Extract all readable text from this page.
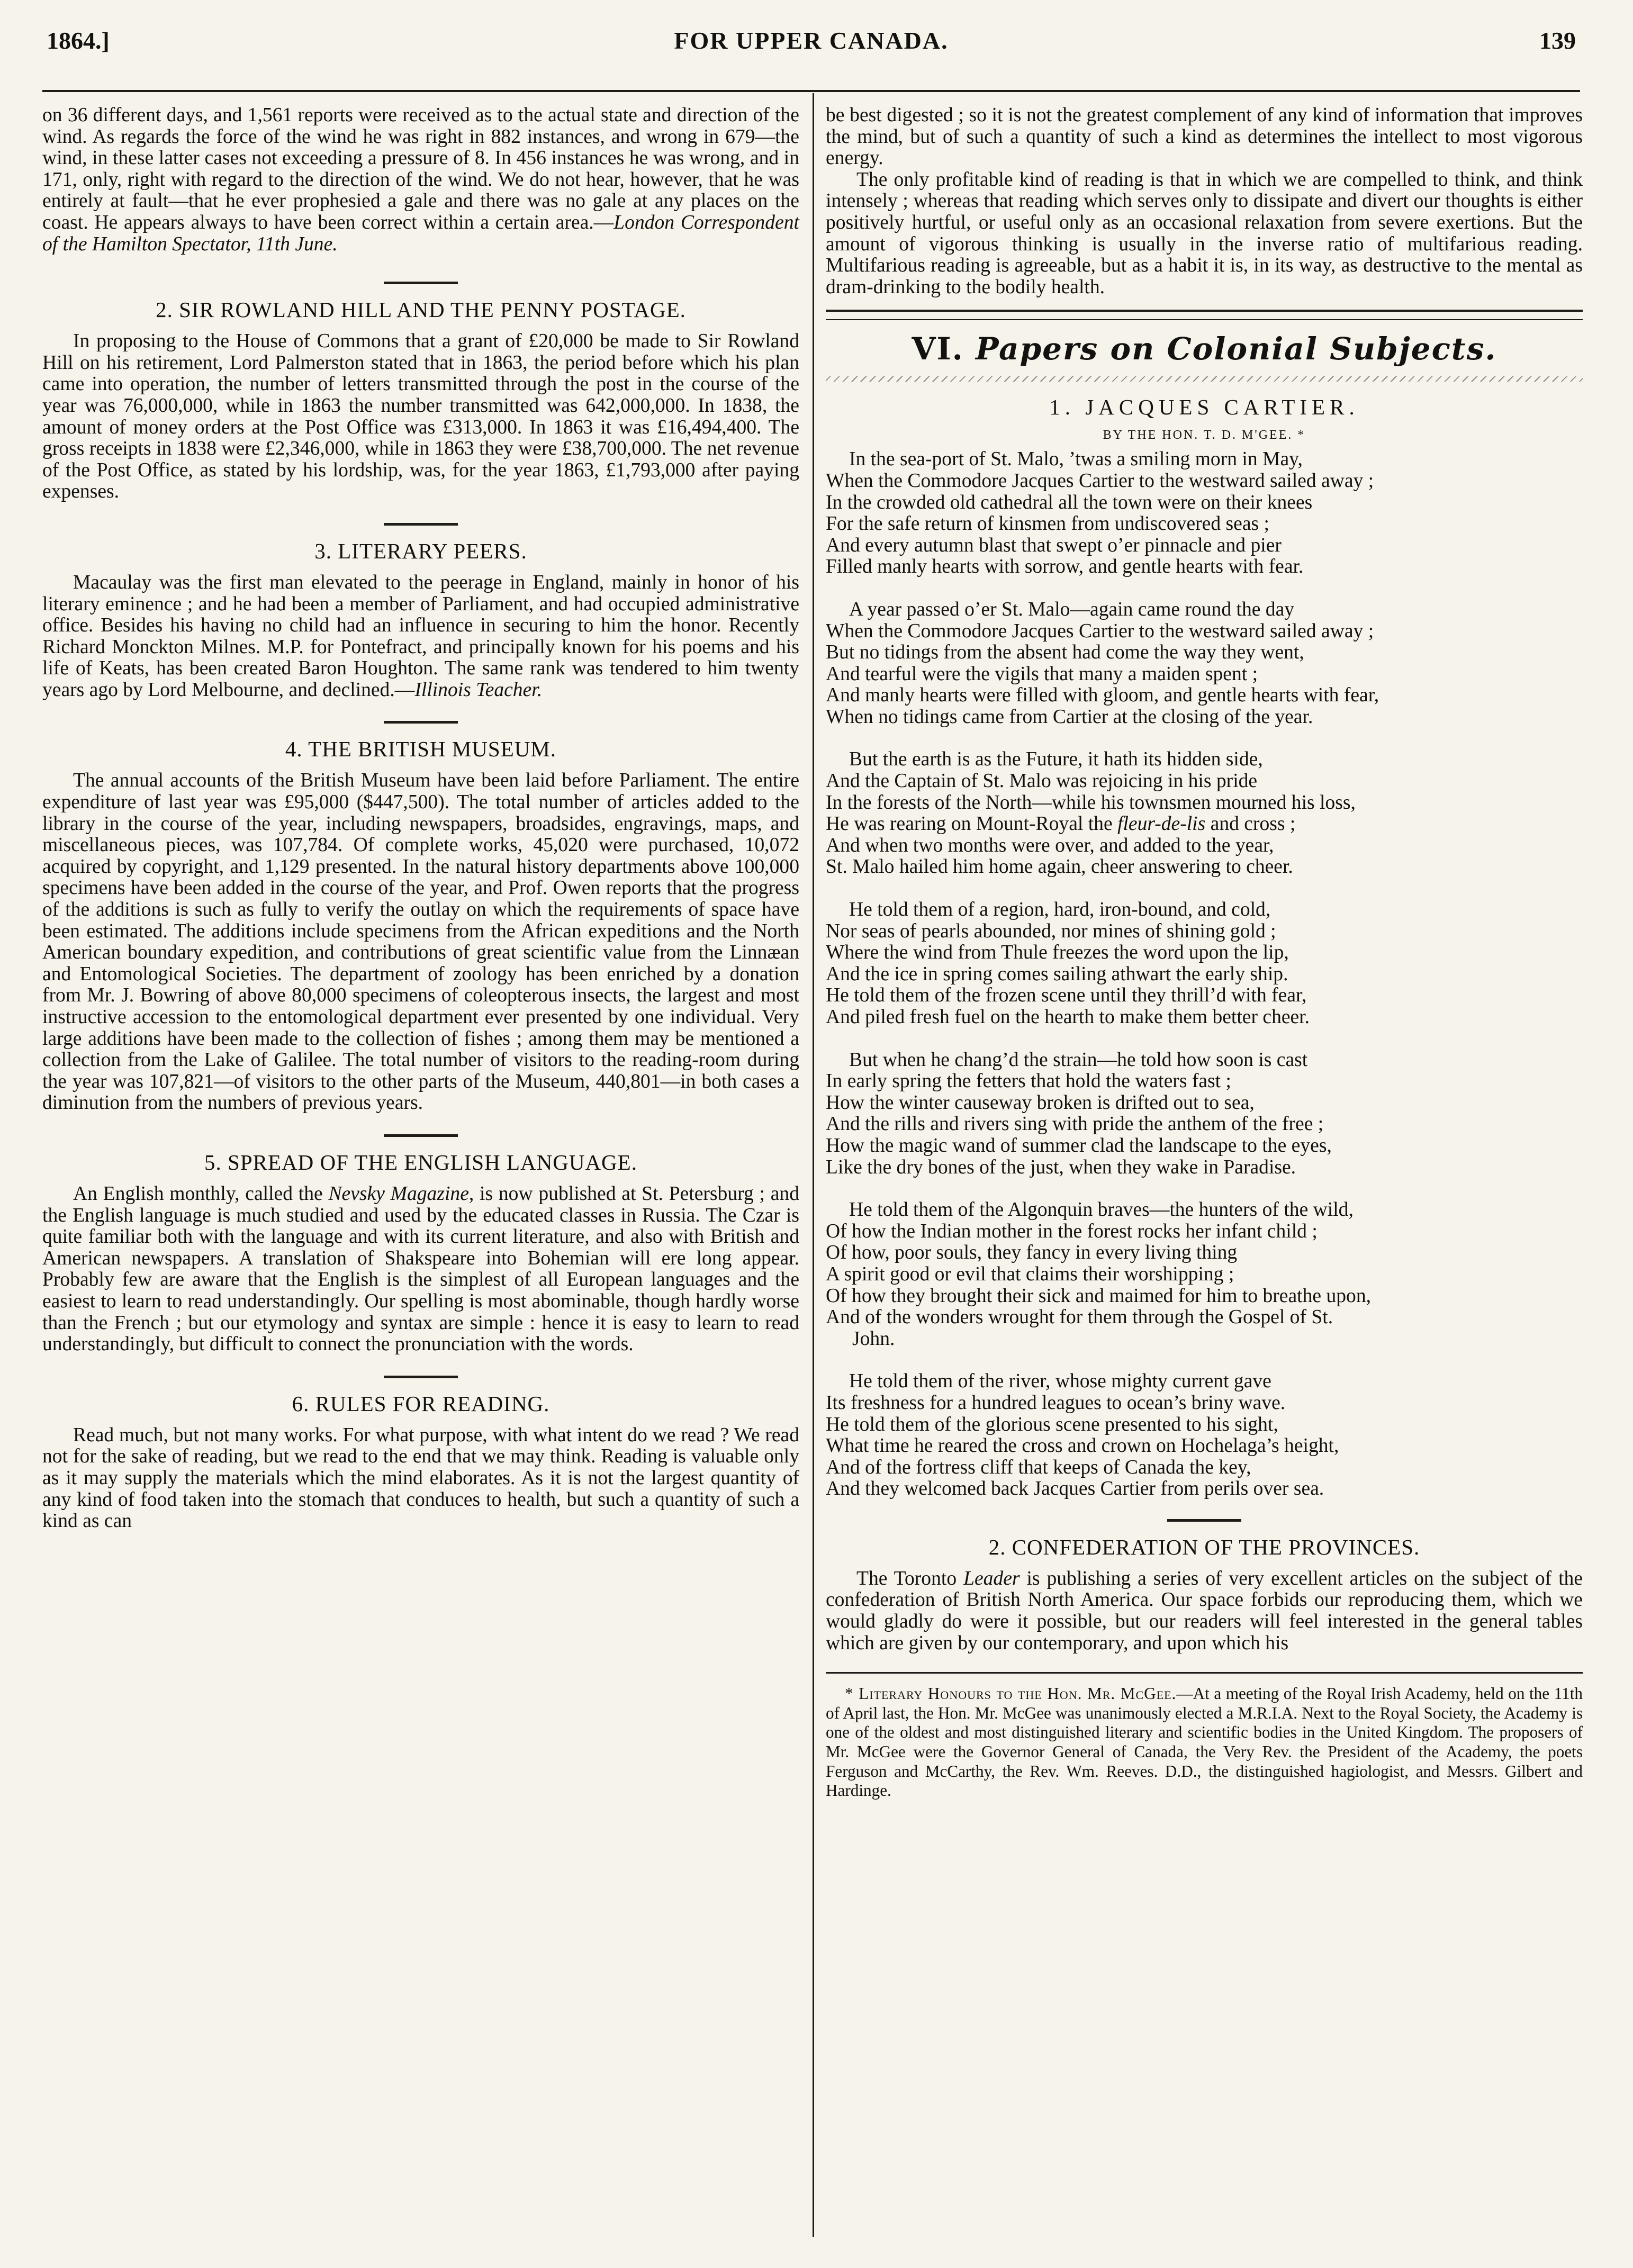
1864.]	FOR UPPER CANADA.	139

on 36 different days, and 1,561 reports were received as to the actual state and direction of the wind. As regards the force of the wind he was right in 882 instances, and wrong in 679—the wind, in these latter cases not exceeding a pressure of 8. In 456 instances he was wrong, and in 171, only, right with regard to the direction of the wind. We do not hear, however, that he was entirely at fault—that he ever prophesied a gale and there was no gale at any places on the coast. He appears always to have been correct within a certain area.—London Correspondent of the Hamilton Spectator, 11th June.

2. SIR ROWLAND HILL AND THE PENNY POSTAGE.

In proposing to the House of Commons that a grant of £20,000 be made to Sir Rowland Hill on his retirement, Lord Palmerston stated that in 1863, the period before which his plan came into operation, the number of letters transmitted through the post in the course of the year was 76,000,000, while in 1863 the number transmitted was 642,000,000. In 1838, the amount of money orders at the Post Office was £313,000. In 1863 it was £16,494,400. The gross receipts in 1838 were £2,346,000, while in 1863 they were £38,700,000. The net revenue of the Post Office, as stated by his lordship, was, for the year 1863, £1,793,000 after paying expenses.

3. LITERARY PEERS.

Macaulay was the first man elevated to the peerage in England, mainly in honor of his literary eminence ; and he had been a member of Parliament, and had occupied administrative office. Besides his having no child had an influence in securing to him the honor. Recently Richard Monckton Milnes. M.P. for Pontefract, and principally known for his poems and his life of Keats, has been created Baron Houghton. The same rank was tendered to him twenty years ago by Lord Melbourne, and declined.—Illinois Teacher.

4. THE BRITISH MUSEUM.

The annual accounts of the British Museum have been laid before Parliament. The entire expenditure of last year was £95,000 ($447,500). The total number of articles added to the library in the course of the year, including newspapers, broadsides, engravings, maps, and miscellaneous pieces, was 107,784. Of complete works, 45,020 were purchased, 10,072 acquired by copyright, and 1,129 presented. In the natural history departments above 100,000 specimens have been added in the course of the year, and Prof. Owen reports that the progress of the additions is such as fully to verify the outlay on which the requirements of space have been estimated. The additions include specimens from the African expeditions and the North American boundary expedition, and contributions of great scientific value from the Linnæan and Entomological Societies. The department of zoology has been enriched by a donation from Mr. J. Bowring of above 80,000 specimens of coleopterous insects, the largest and most instructive accession to the entomological department ever presented by one individual. Very large additions have been made to the collection of fishes ; among them may be mentioned a collection from the Lake of Galilee. The total number of visitors to the reading-room during the year was 107,821—of visitors to the other parts of the Museum, 440,801—in both cases a diminution from the numbers of previous years.

5. SPREAD OF THE ENGLISH LANGUAGE.

An English monthly, called the Nevsky Magazine, is now published at St. Petersburg ; and the English language is much studied and used by the educated classes in Russia. The Czar is quite familiar both with the language and with its current literature, and also with British and American newspapers. A translation of Shakspeare into Bohemian will ere long appear. Probably few are aware that the English is the simplest of all European languages and the easiest to learn to read understandingly. Our spelling is most abominable, though hardly worse than the French ; but our etymology and syntax are simple : hence it is easy to learn to read understandingly, but difficult to connect the pronunciation with the words.

6. RULES FOR READING.

Read much, but not many works. For what purpose, with what intent do we read ? We read not for the sake of reading, but we read to the end that we may think. Reading is valuable only as it may supply the materials which the mind elaborates. As it is not the largest quantity of any kind of food taken into the stomach that conduces to health, but such a quantity of such a kind as can

be best digested ; so it is not the greatest complement of any kind of information that improves the mind, but of such a quantity of such a kind as determines the intellect to most vigorous energy.

The only profitable kind of reading is that in which we are compelled to think, and think intensely ; whereas that reading which serves only to dissipate and divert our thoughts is either positively hurtful, or useful only as an occasional relaxation from severe exertions. But the amount of vigorous thinking is usually in the inverse ratio of multifarious reading. Multifarious reading is agreeable, but as a habit it is, in its way, as destructive to the mental as dram-drinking to the bodily health.

VI. Papers on Colonial Subjects.
1. JACQUES CARTIER.
BY THE HON. T. D. M'GEE. *
In the sea-port of St. Malo, ’twas a smiling morn in May,
When the Commodore Jacques Cartier to the westward sailed away ;
In the crowded old cathedral all the town were on their knees
For the safe return of kinsmen from undiscovered seas ;
And every autumn blast that swept o’er pinnacle and pier
Filled manly hearts with sorrow, and gentle hearts with fear.
A year passed o’er St. Malo—again came round the day
When the Commodore Jacques Cartier to the westward sailed away ;
But no tidings from the absent had come the way they went,
And tearful were the vigils that many a maiden spent ;
And manly hearts were filled with gloom, and gentle hearts with fear,
When no tidings came from Cartier at the closing of the year.
But the earth is as the Future, it hath its hidden side,
And the Captain of St. Malo was rejoicing in his pride
In the forests of the North—while his townsmen mourned his loss,
He was rearing on Mount-Royal the fleur-de-lis and cross ;
And when two months were over, and added to the year,
St. Malo hailed him home again, cheer answering to cheer.
He told them of a region, hard, iron-bound, and cold,
Nor seas of pearls abounded, nor mines of shining gold ;
Where the wind from Thule freezes the word upon the lip,
And the ice in spring comes sailing athwart the early ship.
He told them of the frozen scene until they thrill’d with fear,
And piled fresh fuel on the hearth to make them better cheer.
But when he chang’d the strain—he told how soon is cast
In early spring the fetters that hold the waters fast ;
How the winter causeway broken is drifted out to sea,
And the rills and rivers sing with pride the anthem of the free ;
How the magic wand of summer clad the landscape to the eyes,
Like the dry bones of the just, when they wake in Paradise.
He told them of the Algonquin braves—the hunters of the wild,
Of how the Indian mother in the forest rocks her infant child ;
Of how, poor souls, they fancy in every living thing
A spirit good or evil that claims their worshipping ;
Of how they brought their sick and maimed for him to breathe upon,
And of the wonders wrought for them through the Gospel of St.
John.
He told them of the river, whose mighty current gave
Its freshness for a hundred leagues to ocean’s briny wave.
He told them of the glorious scene presented to his sight,
What time he reared the cross and crown on Hochelaga’s height,
And of the fortress cliff that keeps of Canada the key,
And they welcomed back Jacques Cartier from perils over sea.
2. CONFEDERATION OF THE PROVINCES.

The Toronto Leader is publishing a series of very excellent articles on the subject of the confederation of British North America. Our space forbids our reproducing them, which we would gladly do were it possible, but our readers will feel interested in the general tables which are given by our contemporary, and upon which his

* Literary Honours to the Hon. Mr. McGee.—At a meeting of the Royal Irish Academy, held on the 11th of April last, the Hon. Mr. McGee was unanimously elected a M.R.I.A. Next to the Royal Society, the Academy is one of the oldest and most distinguished literary and scientific bodies in the United Kingdom. The proposers of Mr. McGee were the Governor General of Canada, the Very Rev. the President of the Academy, the poets Ferguson and McCarthy, the Rev. Wm. Reeves. D.D., the distinguished hagiologist, and Messrs. Gilbert and Hardinge.
